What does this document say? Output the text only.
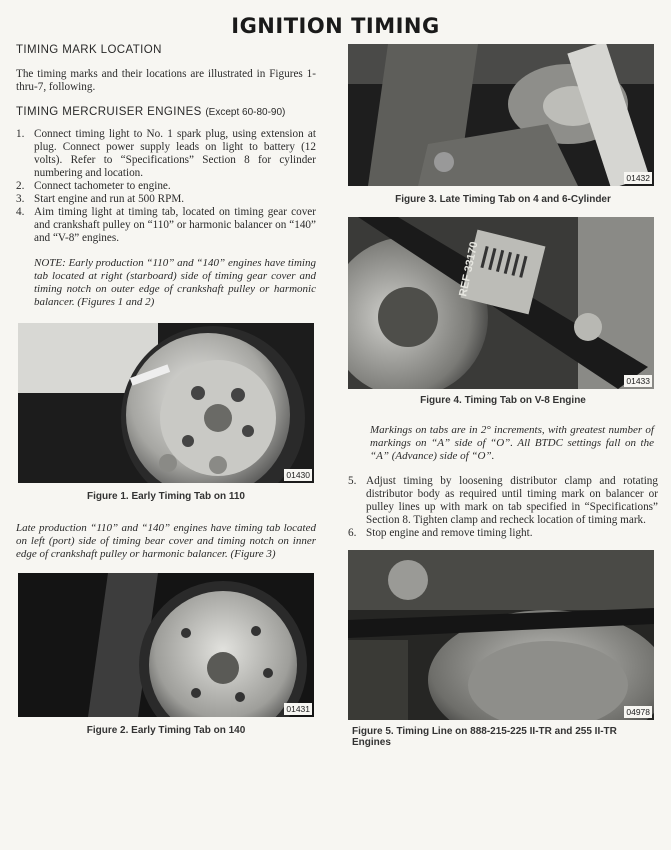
IGNITION TIMING

TIMING MARK LOCATION

The timing marks and their locations are illustrated in Figures 1-thru-7, following.

TIMING MERCRUISER ENGINES (Except 60-80-90)

1. Connect timing light to No. 1 spark plug, using extension at plug. Connect power supply leads on light to battery (12 volts). Refer to “Specifications” Section 8 for cylinder numbering and location.
2. Connect tachometer to engine.
3. Start engine and run at 500 RPM.
4. Aim timing light at timing tab, located on timing gear cover and crankshaft pulley on “110” or harmonic balancer on “140” and “V-8” engines.

NOTE: Early production “110” and “140” engines have timing tab located at right (starboard) side of timing gear cover and timing notch on outer edge of crankshaft pulley or harmonic balancer. (Figures 1 and 2)

01430

Figure 1. Early Timing Tab on 110

Late production “110” and “140” engines have timing tab located on left (port) side of timing bear cover and timing notch on inner edge of crankshaft pulley or harmonic balancer. (Figure 3)

01431

Figure 2. Early Timing Tab on 140

01432

Figure 3. Late Timing Tab on 4 and 6-Cylinder

REF 33170
01433

Figure 4. Timing Tab on V-8 Engine

Markings on tabs are in 2° increments, with greatest number of markings on “A” side of “O”. All BTDC settings fall on the “A” (Advance) side of “O”.

5. Adjust timing by loosening distributor clamp and rotating distributor body as required until timing mark on balancer or pulley lines up with mark on tab specified in “Specifications” Section 8. Tighten clamp and recheck location of timing mark.
6. Stop engine and remove timing light.
04978

Figure 5. Timing Line on 888-215-225 II-TR and 255 II-TR Engines
